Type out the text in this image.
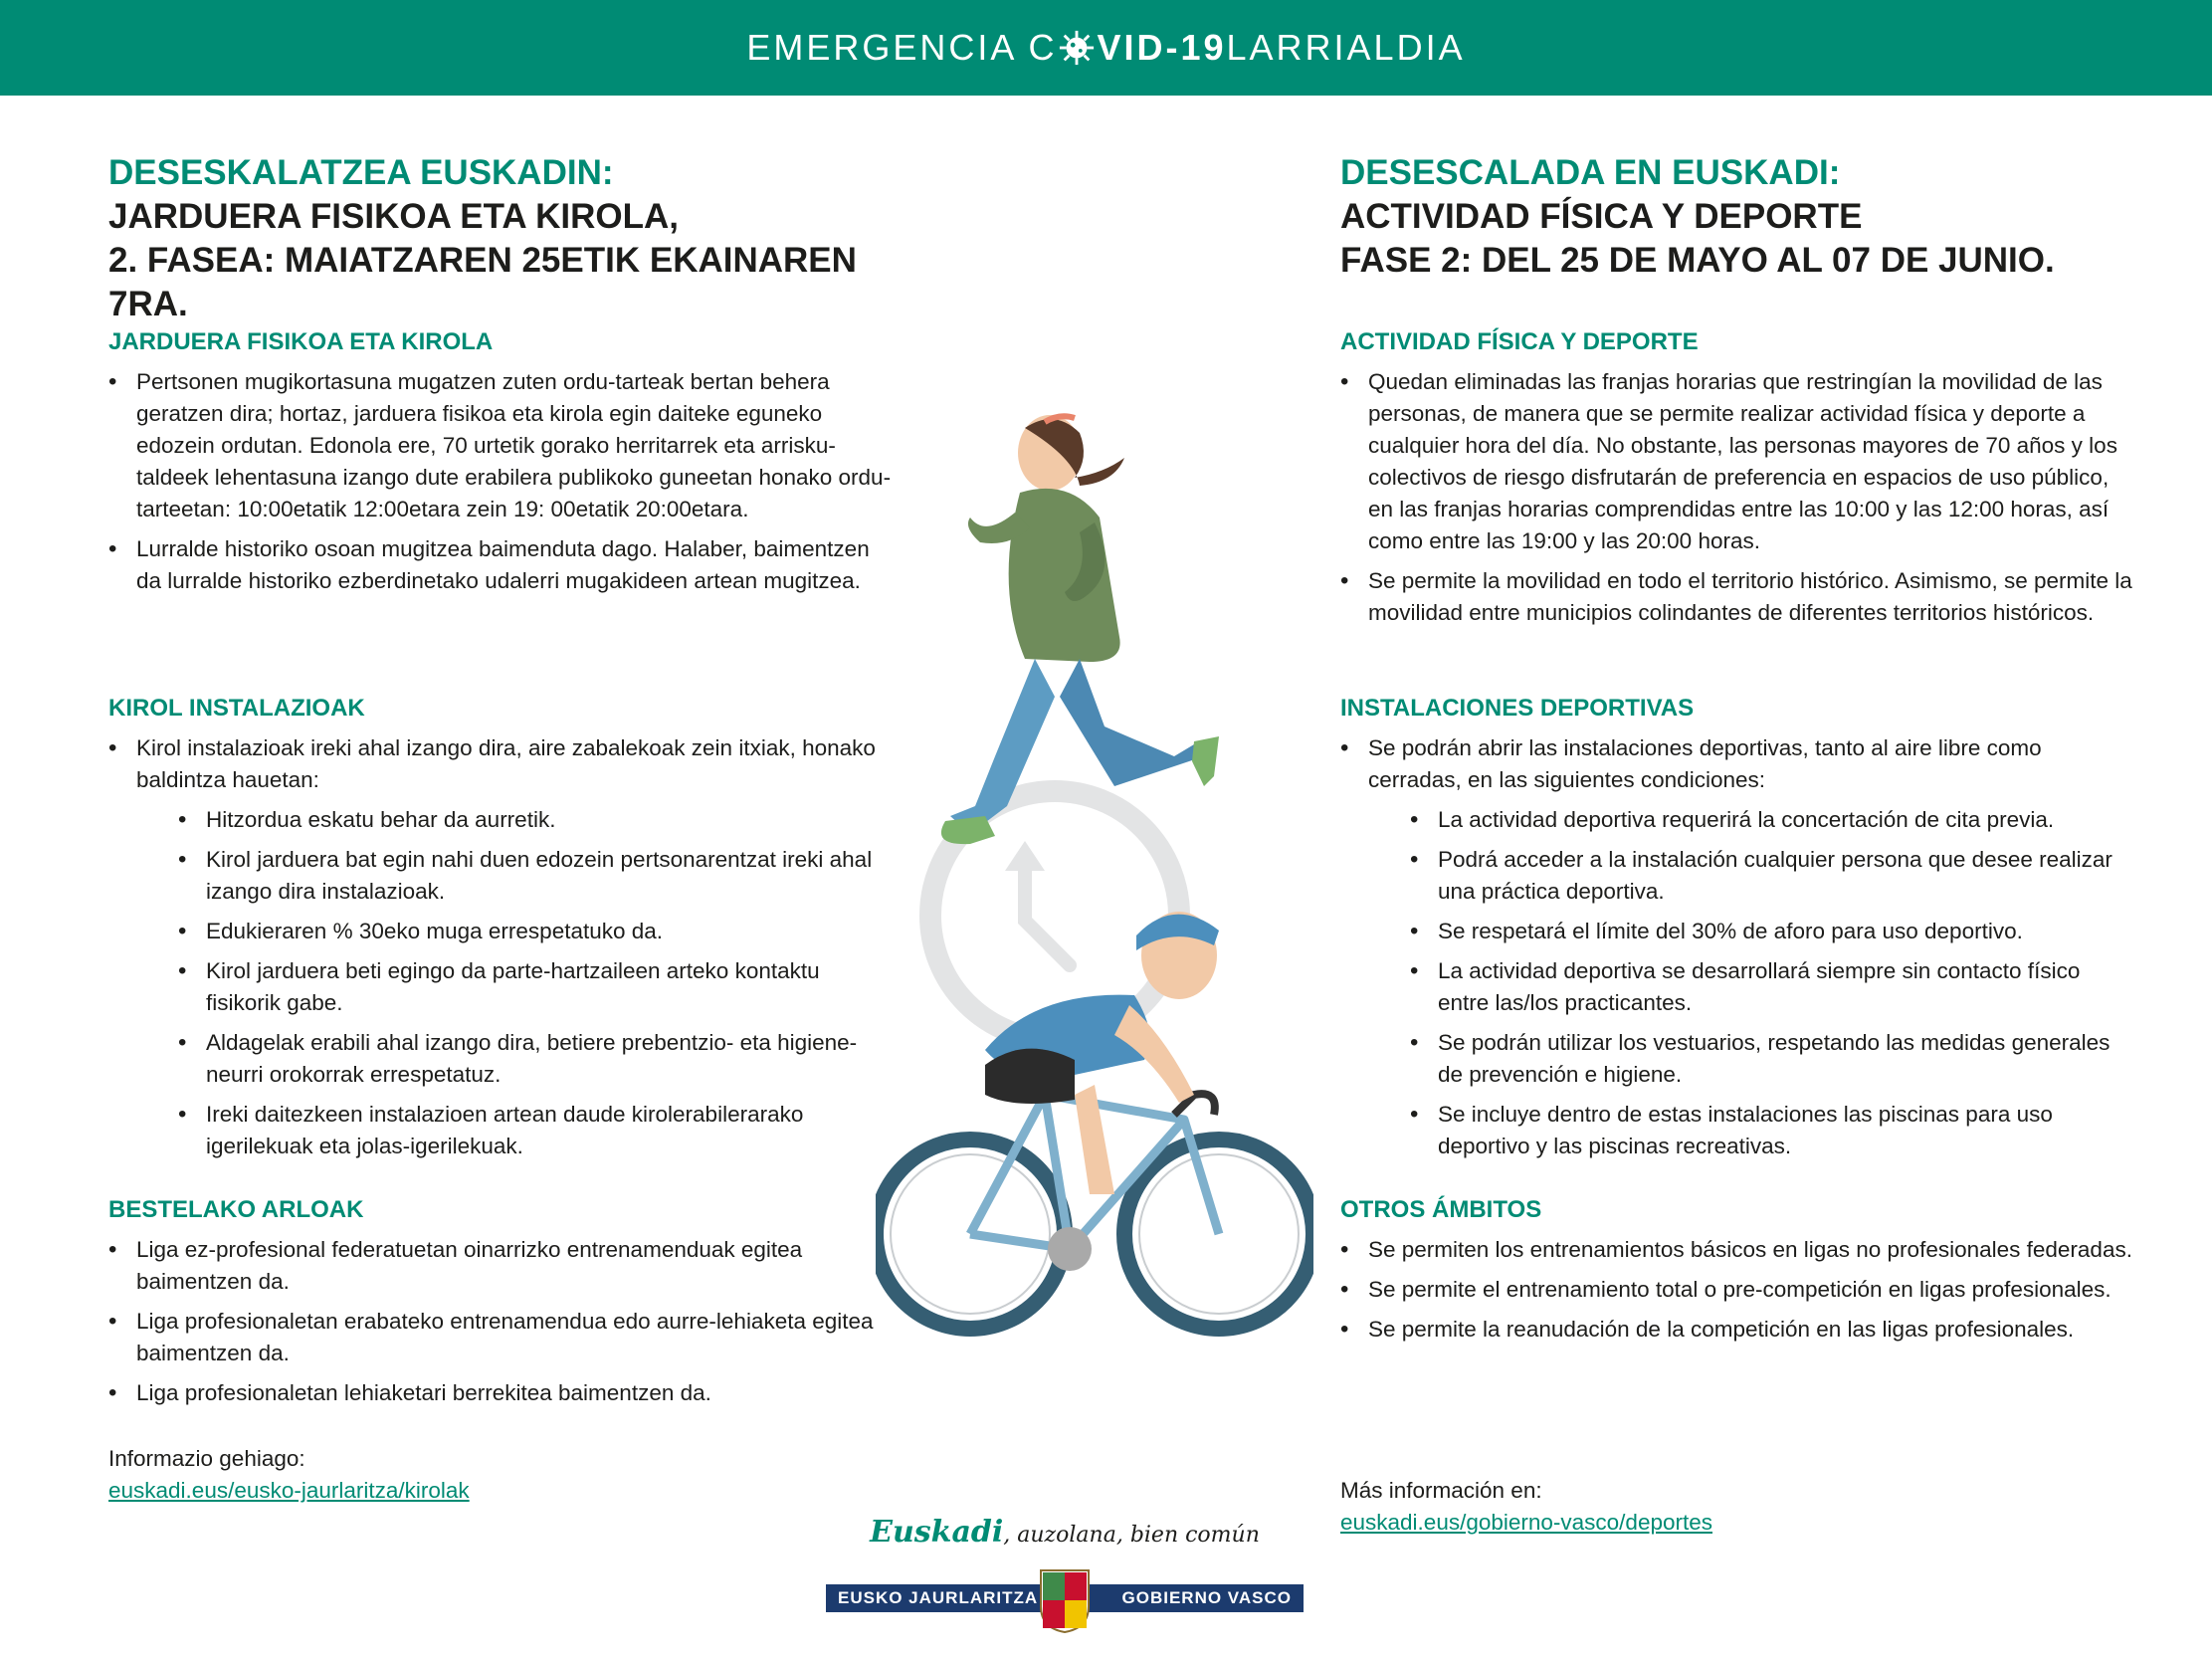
EMERGENCIA C VID-19 LARRIALDIA
DESESKALATZEA EUSKADIN:
JARDUERA FISIKOA ETA KIROLA,
2. FASEA: MAIATZAREN 25ETIK EKAINAREN 7RA.
JARDUERA FISIKOA ETA KIROLA
• Pertsonen mugikortasuna mugatzen zuten ordu-tarteak bertan behera geratzen dira; hortaz, jarduera fisikoa eta kirola egin daiteke eguneko edozein ordutan. Edonola ere, 70 urtetik gorako herritarrek eta arrisku-taldeek lehentasuna izango dute erabilera publikoko guneetan honako ordu-tarteetan: 10:00etatik 12:00etara zein 19: 00etatik 20:00etara.
• Lurralde historiko osoan mugitzea baimenduta dago. Halaber, baimentzen da lurralde historiko ezberdinetako udalerri mugakideen artean mugitzea.
KIROL INSTALAZIOAK
• Kirol instalazioak ireki ahal izango dira, aire zabalekoak zein itxiak, honako baldintza hauetan:
• Hitzordua eskatu behar da aurretik.
• Kirol jarduera bat egin nahi duen edozein pertsonarentzat ireki ahal izango dira instalazioak.
• Edukieraren % 30eko muga errespetatuko da.
• Kirol jarduera beti egingo da parte-hartzaileen arteko kontaktu fisikorik gabe.
• Aldagelak erabili ahal izango dira, betiere prebentzio- eta higiene-neurri orokorrak errespetatuz.
• Ireki daitezkeen instalazioen artean daude kirolerabilerarako igerilekuak eta jolas-igerilekuak.
BESTELAKO ARLOAK
• Liga ez-profesional federatuetan oinarrizko entrenamenduak egitea baimentzen da.
• Liga profesionaletan erabateko entrenamendua edo aurre-lehiaketa egitea baimentzen da.
• Liga profesionaletan lehiaketari berrekitea baimentzen da.
Informazio gehiago:
euskadi.eus/eusko-jaurlaritza/kirolak
DESESCALADA EN EUSKADI:
ACTIVIDAD FÍSICA Y DEPORTE
FASE 2: DEL 25 DE MAYO AL 07 DE JUNIO.
ACTIVIDAD FÍSICA Y DEPORTE
• Quedan eliminadas las franjas horarias que restringían la movilidad de las personas, de manera que se permite realizar actividad física y deporte a cualquier hora del día. No obstante, las personas mayores de 70 años y los colectivos de riesgo disfrutarán de preferencia en espacios de uso público, en las franjas horarias comprendidas entre las 10:00 y las 12:00 horas, así como entre las 19:00 y las 20:00 horas.
• Se permite la movilidad en todo el territorio histórico. Asimismo, se permite la movilidad entre municipios colindantes de diferentes territorios históricos.
INSTALACIONES DEPORTIVAS
• Se podrán abrir las instalaciones deportivas, tanto al aire libre como cerradas, en las siguientes condiciones:
• La actividad deportiva requerirá la concertación de cita previa.
• Podrá acceder a la instalación cualquier persona que desee realizar una práctica deportiva.
• Se respetará el límite del 30% de aforo para uso deportivo.
• La actividad deportiva se desarrollará siempre sin contacto físico entre las/los practicantes.
• Se podrán utilizar los vestuarios, respetando las medidas generales de prevención e higiene.
• Se incluye dentro de estas instalaciones las piscinas para uso deportivo y las piscinas recreativas.
OTROS ÁMBITOS
• Se permiten los entrenamientos básicos en ligas no profesionales federadas.
• Se permite el entrenamiento total o pre-competición en ligas profesionales.
• Se permite la reanudación de la competición en las ligas profesionales.
Más información en:
euskadi.eus/gobierno-vasco/deportes
Euskadi, auzolana, bien común
EUSKO JAURLARITZA	GOBIERNO VASCO
